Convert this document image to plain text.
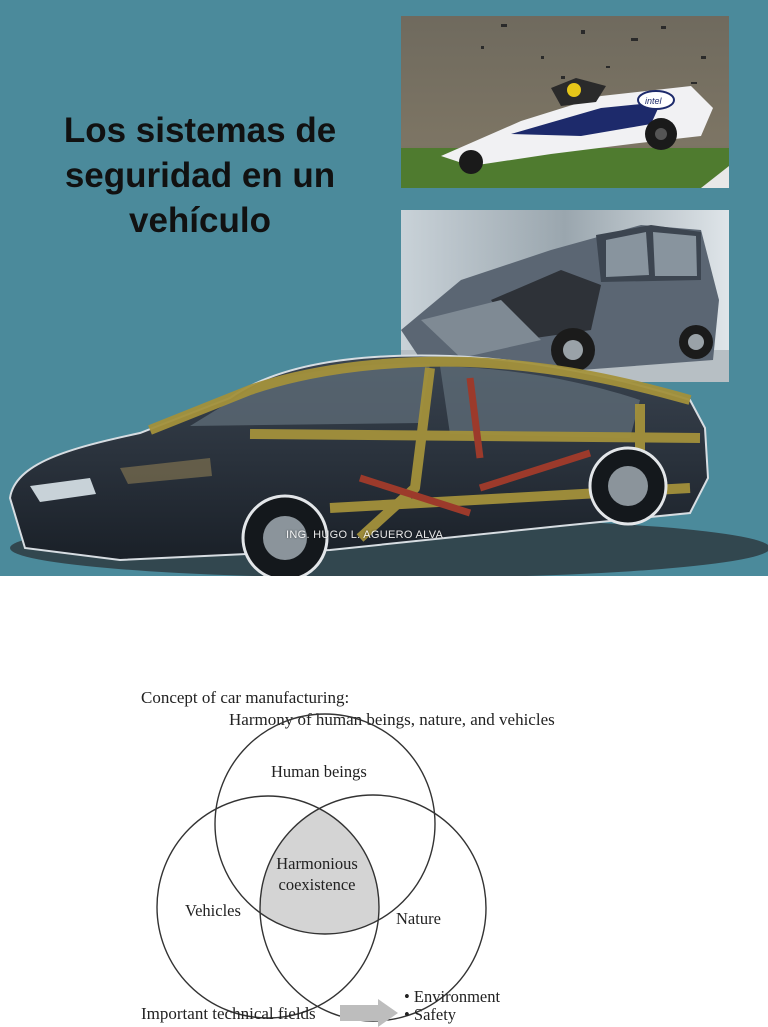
Los sistemas de
seguridad en un
vehículo
intel
ING. HUGO L. AGUERO ALVA
Concept of car manufacturing:
Harmony of human beings, nature, and vehicles
Human beings
Harmonious
coexistence
Vehicles	Nature
Important technical fields
• Environment
• Safety
